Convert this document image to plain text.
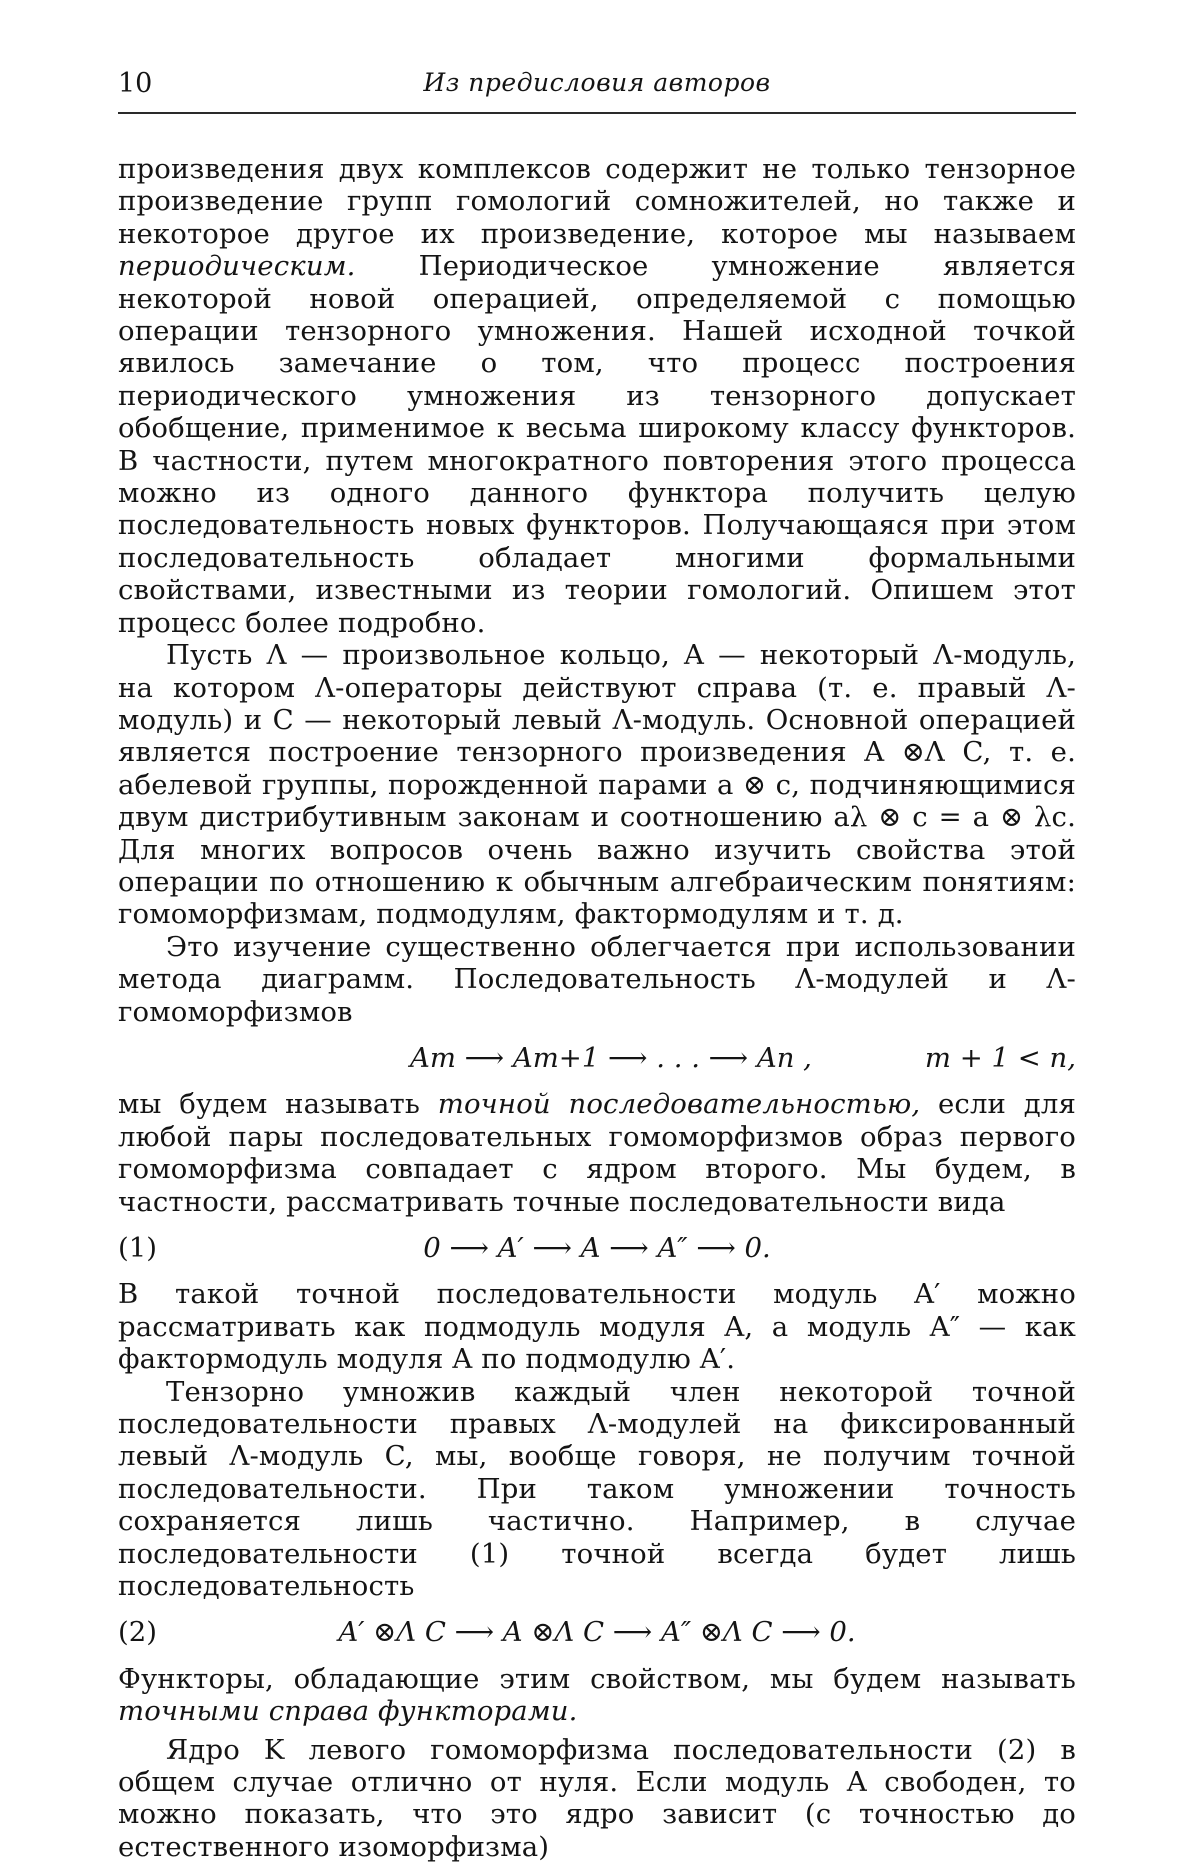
10	Из предисловия авторов

произведения двух комплексов содержит не только тензорное произведение групп гомологий сомножителей, но также и некоторое другое их произведение, которое мы называем периодическим. Периодическое умножение является некоторой новой операцией, определяемой с помощью операции тензорного умножения. Нашей исходной точкой явилось замечание о том, что процесс построения периодического умножения из тензорного допускает обобщение, применимое к весьма широкому классу функторов. В частности, путем многократного повторения этого процесса можно из одного данного функтора получить целую последовательность новых функторов. Получающаяся при этом последовательность обладает многими формальными свойствами, известными из теории гомологий. Опишем этот процесс более подробно.

Пусть Λ — произвольное кольцо, A — некоторый Λ-модуль, на котором Λ-операторы действуют справа (т. е. правый Λ-модуль) и C — некоторый левый Λ-модуль. Основной операцией является построение тензорного произведения A ⊗Λ C, т. е. абелевой группы, порожденной парами a ⊗ c, подчиняющимися двум дистрибутивным законам и соотношению aλ ⊗ c = a ⊗ λc. Для многих вопросов очень важно изучить свойства этой операции по отношению к обычным алгебраическим понятиям: гомоморфизмам, подмодулям, фактормодулям и т. д.

Это изучение существенно облегчается при использовании метода диаграмм. Последовательность Λ-модулей и Λ-гомоморфизмов

Am ⟶ Am+1 ⟶ . . . ⟶ An ,	m + 1 < n,

мы будем называть точной последовательностью, если для любой пары последовательных гомоморфизмов образ первого гомоморфизма совпадает с ядром второго. Мы будем, в частности, рассматривать точные последовательности вида

(1)	0 ⟶ A′ ⟶ A ⟶ A″ ⟶ 0.

В такой точной последовательности модуль A′ можно рассматривать как подмодуль модуля A, а модуль A″ — как фактормодуль модуля A по подмодулю A′.

Тензорно умножив каждый член некоторой точной последовательности правых Λ-модулей на фиксированный левый Λ-модуль C, мы, вообще говоря, не получим точной последовательности. При таком умножении точность сохраняется лишь частично. Например, в случае последовательности (1) точной всегда будет лишь последовательность

(2)	A′ ⊗Λ C ⟶ A ⊗Λ C ⟶ A″ ⊗Λ C ⟶ 0.

Функторы, обладающие этим свойством, мы будем называть точными справа функторами.

Ядро K левого гомоморфизма последовательности (2) в общем случае отлично от нуля. Если модуль A свободен, то можно показать, что это ядро зависит (с точностью до естественного изоморфизма)
